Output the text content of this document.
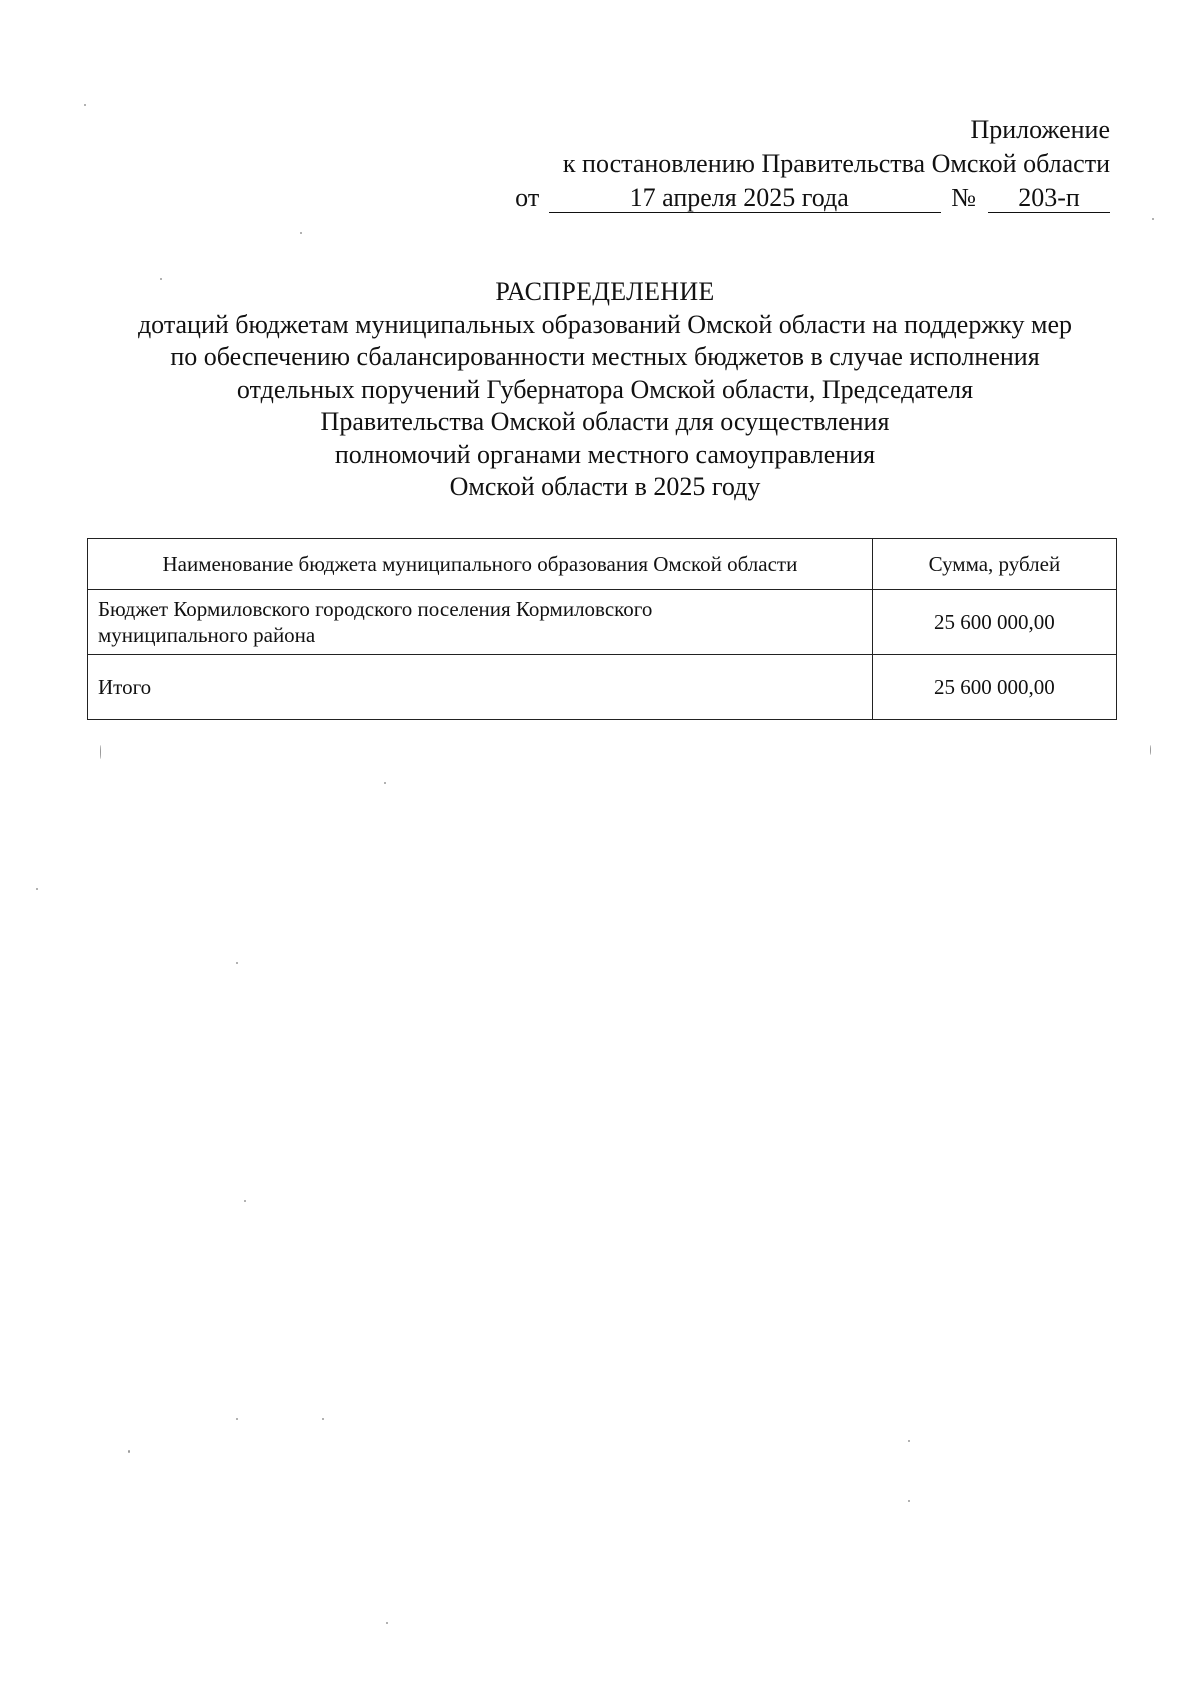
Приложение
к постановлению Правительства Омской области
от	17 апреля 2025 года	№	203-п
РАСПРЕДЕЛЕНИЕ
дотаций бюджетам муниципальных образований Омской области на поддержку мер
по обеспечению сбалансированности местных бюджетов в случае исполнения
отдельных поручений Губернатора Омской области, Председателя
Правительства Омской области для осуществления
полномочий органами местного самоуправления
Омской области в 2025 году
Наименование бюджета муниципального образования Омской области	Сумма, рублей

Бюджет Кормиловского городского поселения Кормиловского
муниципального района	25 600 000,00
Итого	25 600 000,00
